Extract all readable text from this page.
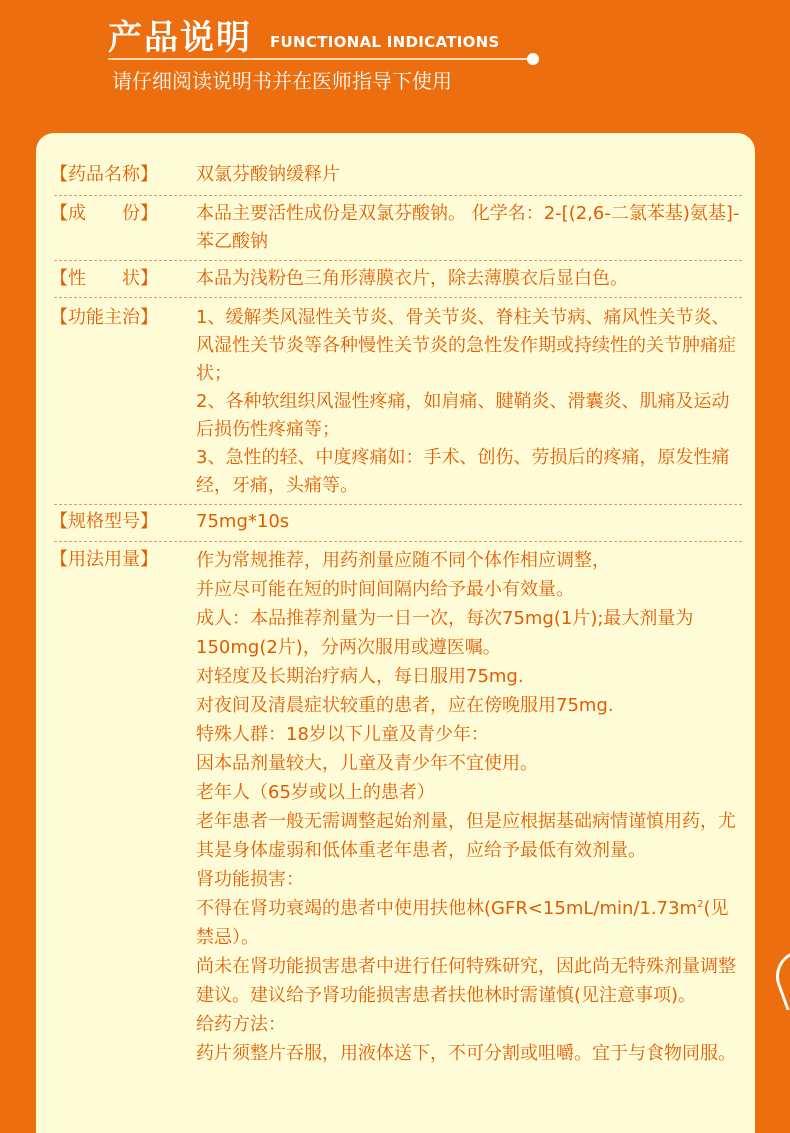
产品说明 FUNCTIONAL INDICATIONS
请仔细阅读说明书并在医师指导下使用
【药品名称】	双氯芬酸钠缓释片
【成　　份】	本品主要活性成份是双氯芬酸钠。 化学名：2-[(2,6-二氯苯基)氨基]-苯乙酸钠
【性　　状】	本品为浅粉色三角形薄膜衣片，除去薄膜衣后显白色。
【功能主治】	1、缓解类风湿性关节炎、骨关节炎、脊柱关节病、痛风性关节炎、风湿性关节炎等各种慢性关节炎的急性发作期或持续性的关节肿痛症状；

2、各种软组织风湿性疼痛，如肩痛、腱鞘炎、滑囊炎、肌痛及运动后损伤性疼痛等；

3、急性的轻、中度疼痛如：手术、创伤、劳损后的疼痛，原发性痛经，牙痛，头痛等。

【规格型号】	75mg*10s
【用法用量】	作为常规推荐，用药剂量应随不同个体作相应调整，

并应尽可能在短的时间间隔内给予最小有效量。

成人：本品推荐剂量为一日一次，每次75mg(1片);最大剂量为150mg(2片)，分两次服用或遵医嘱。

对轻度及长期治疗病人，每日服用75mg.

对夜间及清晨症状较重的患者，应在傍晚服用75mg.

特殊人群：18岁以下儿童及青少年：

因本品剂量较大，儿童及青少年不宜使用。

老年人（65岁或以上的患者）

老年患者一般无需调整起始剂量，但是应根据基础病情谨慎用药，尤其是身体虚弱和低体重老年患者，应给予最低有效剂量。

肾功能损害：

不得在肾功衰竭的患者中使用扶他林($GFR<15mL/\min/1.73m^2$(见禁忌）。

尚未在肾功能损害患者中进行任何特殊研究，因此尚无特殊剂量调整建议。建议给予肾功能损害患者扶他林时需谨慎(见注意事项)。

给药方法：

药片须整片吞服，用液体送下，不可分割或咀嚼。宜于与食物同服。
